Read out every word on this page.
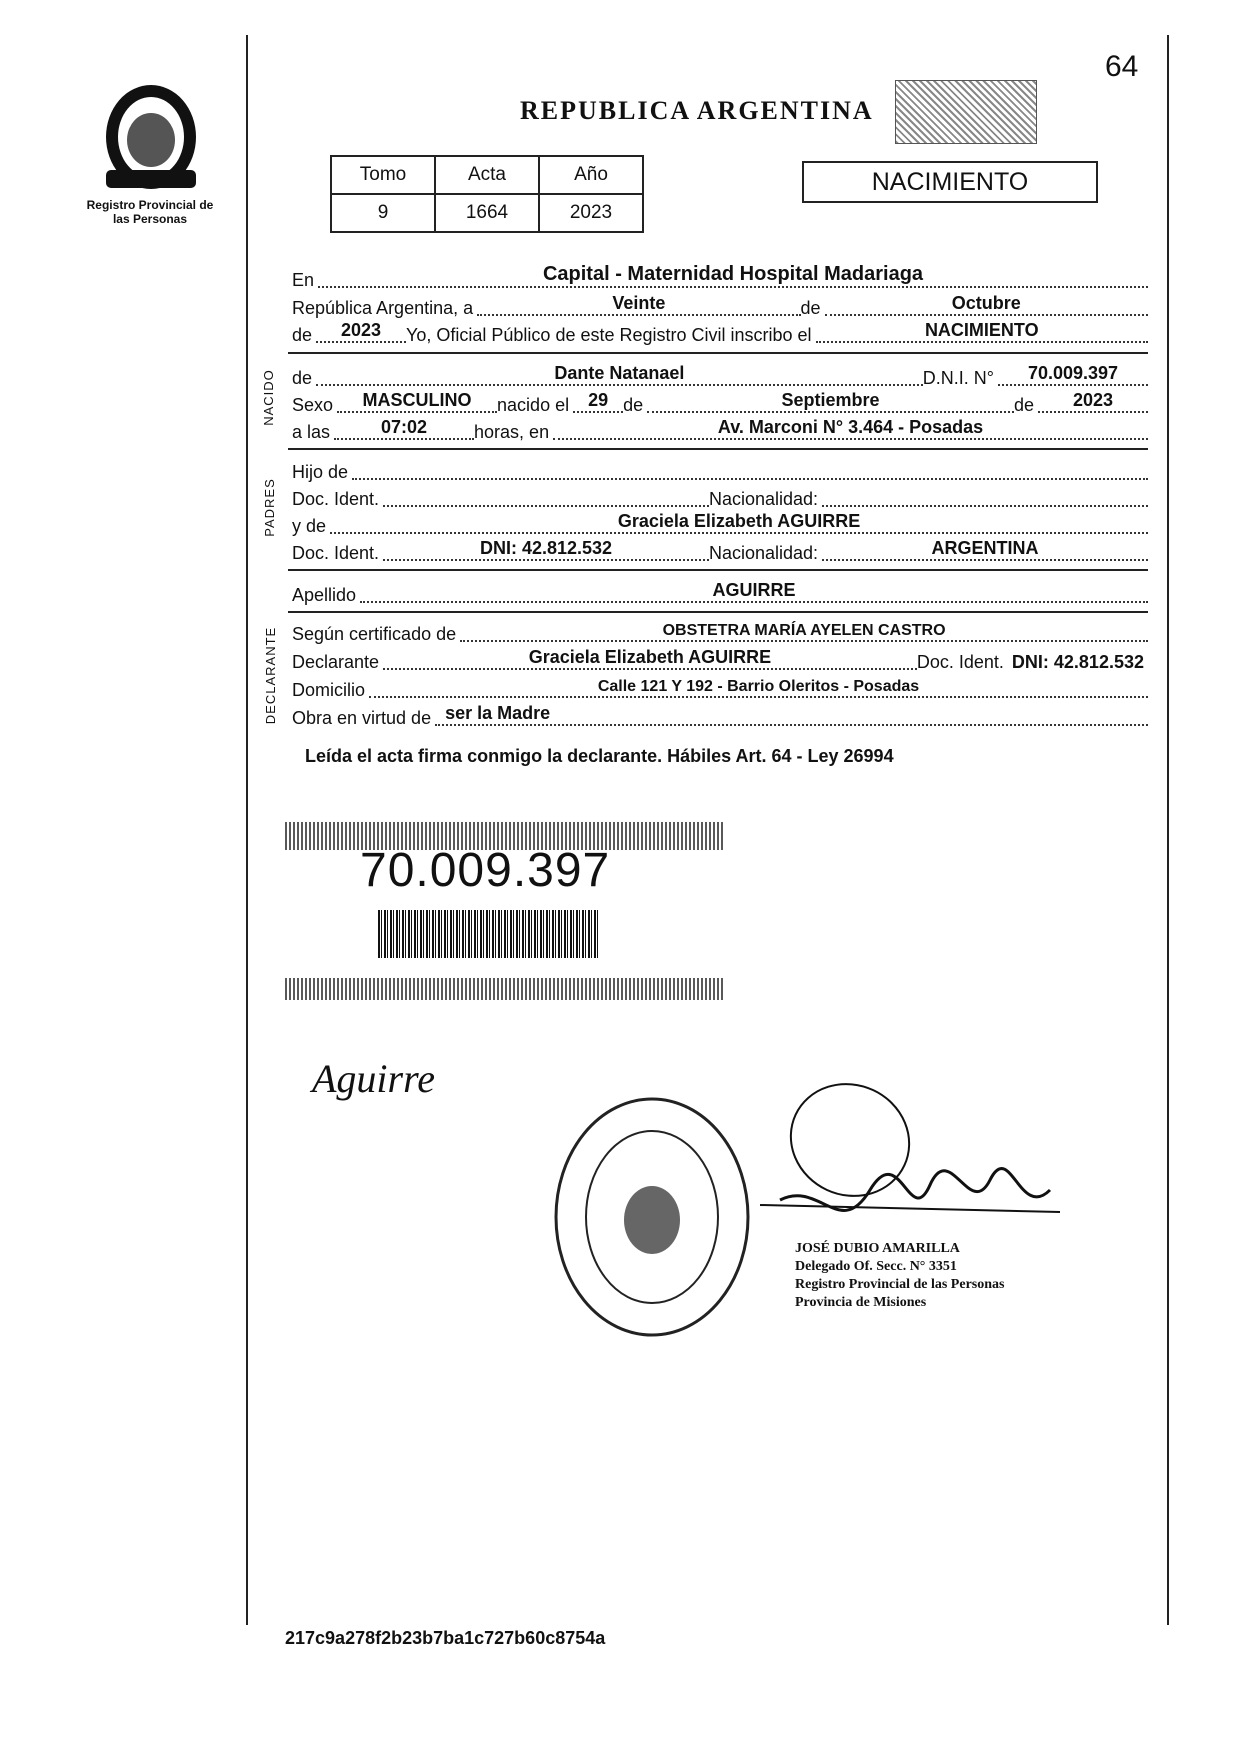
64
Registro Provincial de las Personas
REPUBLICA ARGENTINA
Tomo	Acta	Año
9	1664	2023
NACIMIENTO
En	Capital - Maternidad Hospital Madariaga
República Argentina, a	Veinte	de	Octubre
de	2023	Yo, Oficial Público de este Registro Civil inscribo el	NACIMIENTO
NACIDO de	Dante Natanael	D.N.I. N°	70.009.397
Sexo	MASCULINO	nacido el	29 de	Septiembre	de	2023
a las	07:02	horas, en	Av. Marconi N° 3.464 - Posadas
PADRES
Hijo de
Doc. Ident.	Nacionalidad:
y de	Graciela Elizabeth AGUIRRE
Doc. Ident.	DNI: 42.812.532	Nacionalidad:	ARGENTINA
Apellido	AGUIRRE
DECLARANTE Según certificado de	OBSTETRA MARÍA AYELEN CASTRO
Declarante	Graciela Elizabeth AGUIRRE	Doc. Ident. DNI: 42.812.532
Domicilio	Calle 121 Y 192 - Barrio Oleritos - Posadas
Obra en virtud de ser la Madre
Leída el acta firma conmigo la declarante. Hábiles Art. 64 - Ley 26994
70.009.397
Aguirre
JOSÉ DUBIO AMARILLA
Delegado Of. Secc. N° 3351
Registro Provincial de las Personas
Provincia de Misiones
217c9a278f2b23b7ba1c727b60c8754a
